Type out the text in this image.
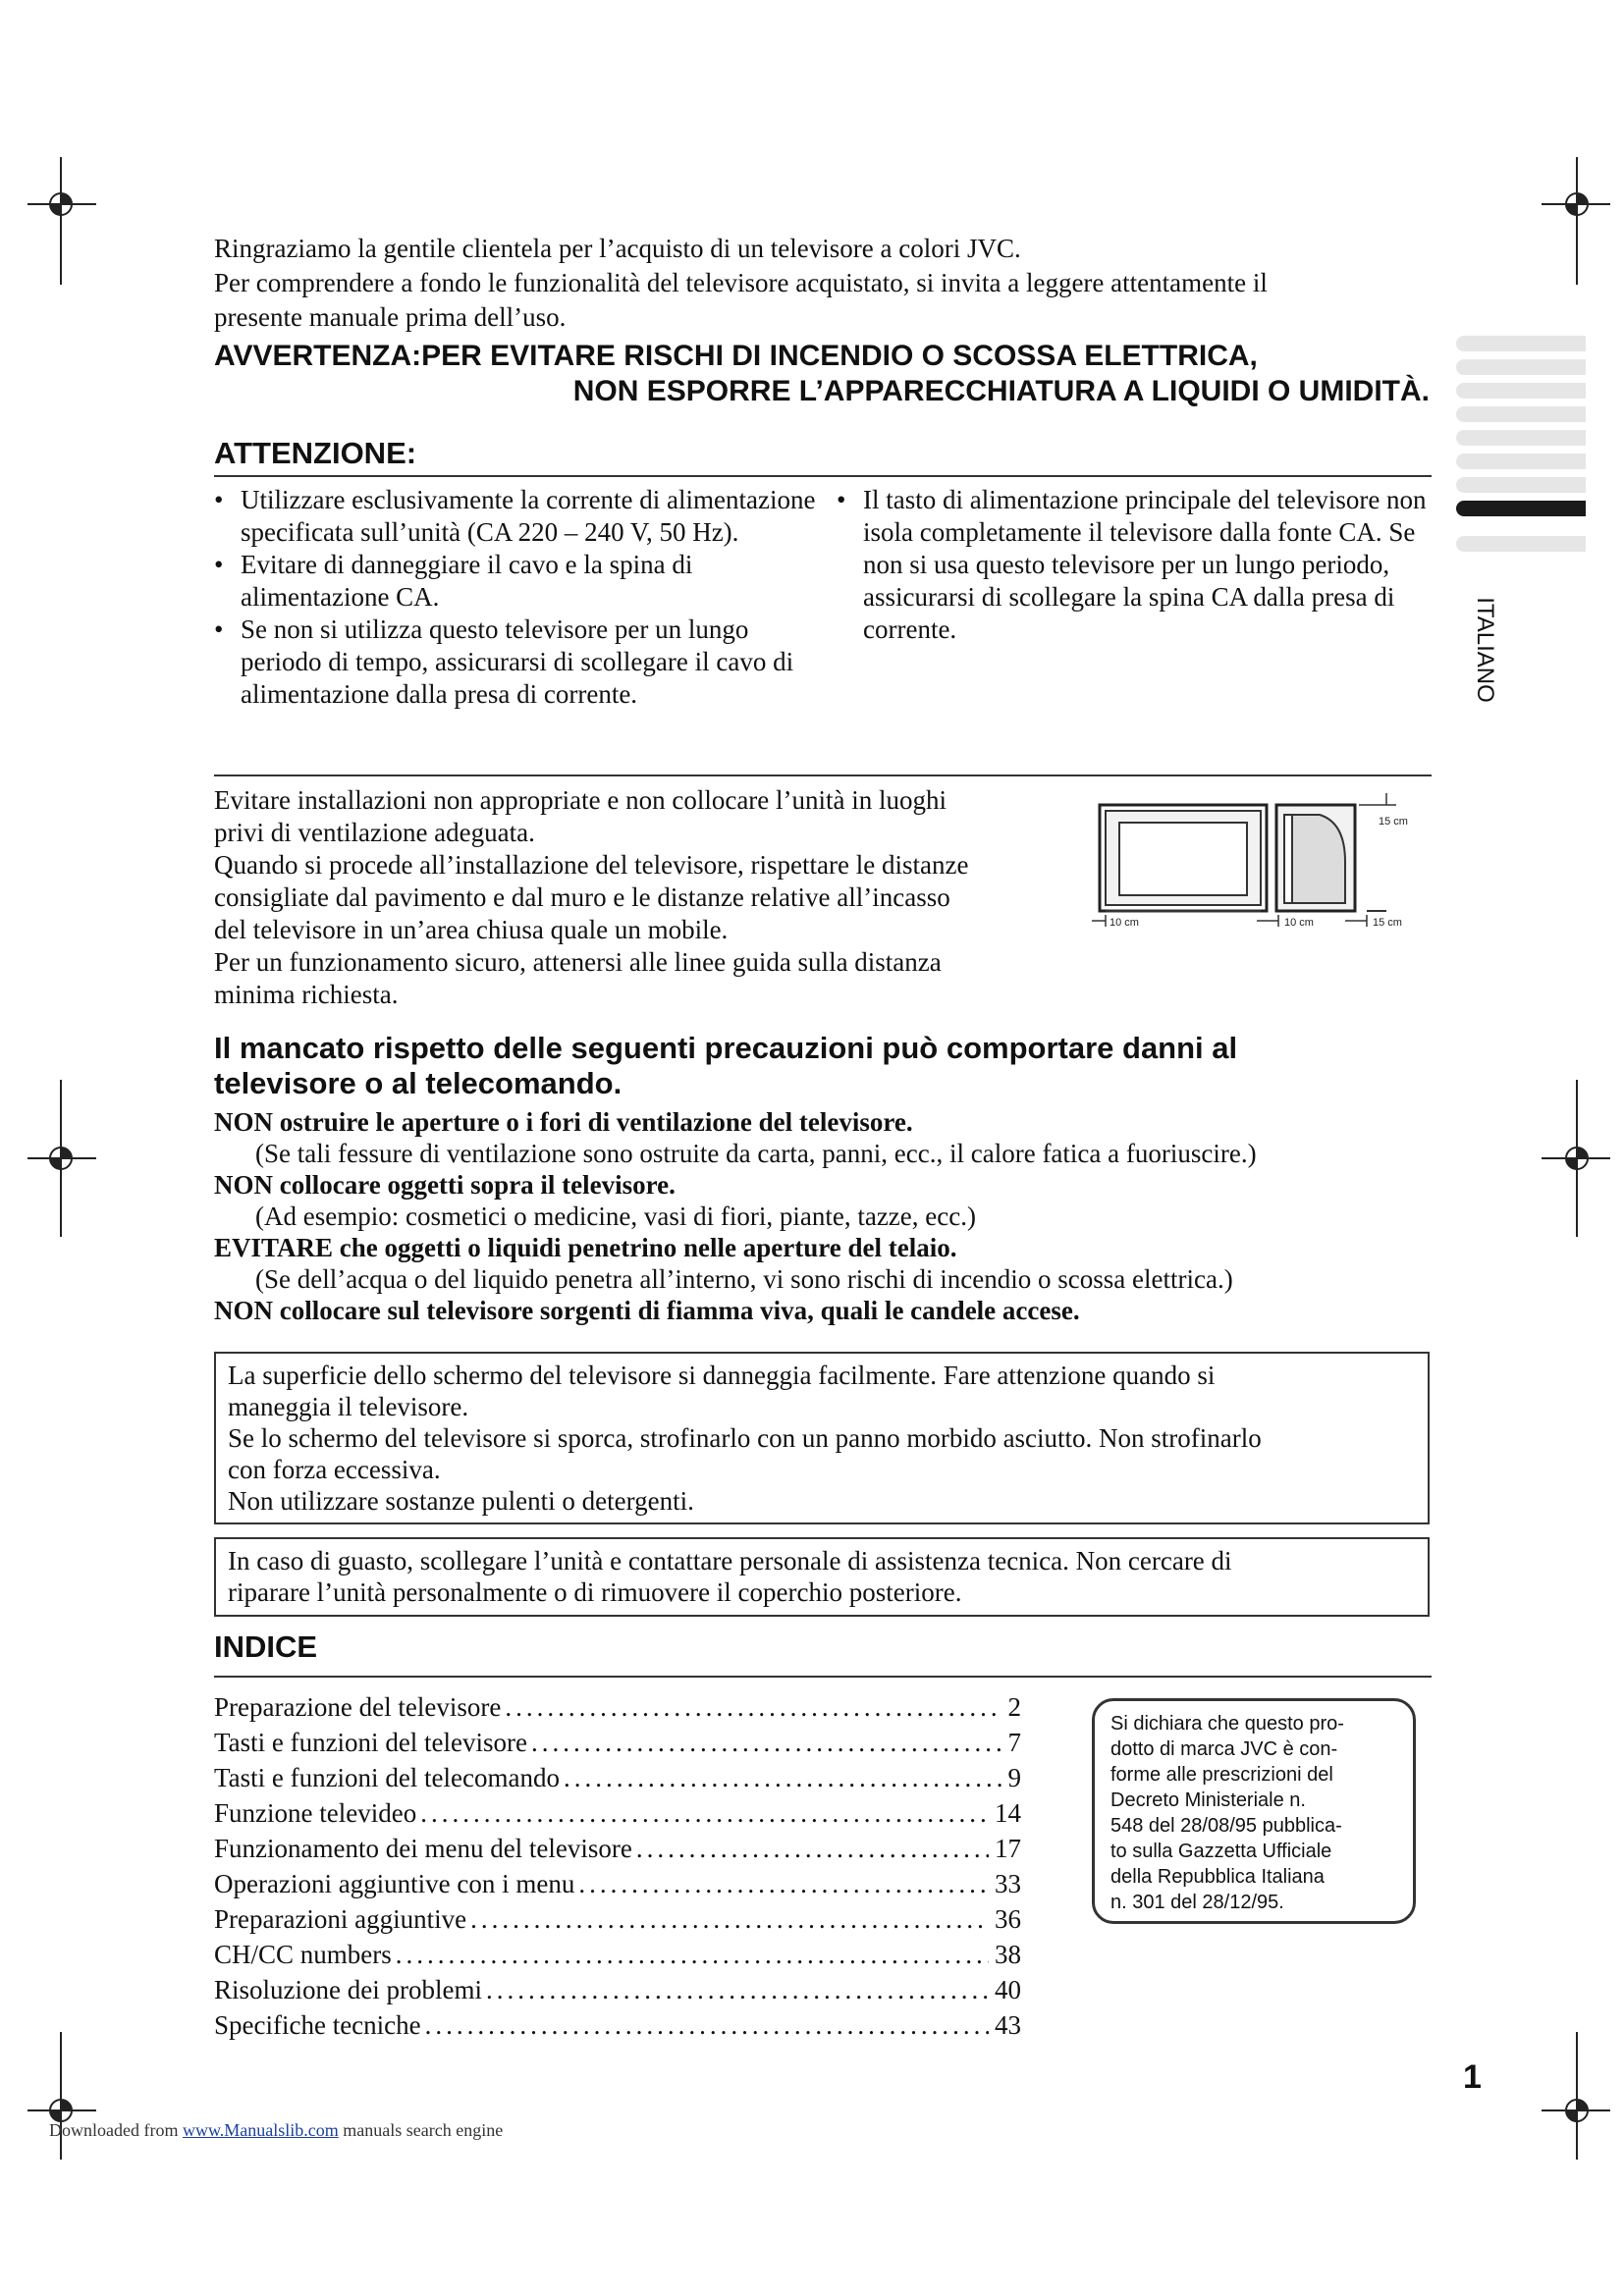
Ringraziamo la gentile clientela per l’acquisto di un televisore a colori JVC.
Per comprendere a fondo le funzionalità del televisore acquistato, si invita a leggere attentamente il
presente manuale prima dell’uso.
AVVERTENZA:PER EVITARE RISCHI DI INCENDIO O SCOSSA ELETTRICA,
NON ESPORRE L’APPARECCHIATURA A LIQUIDI O UMIDITÀ.
ATTENZIONE:
• Utilizzare esclusivamente la corrente di alimentazione specificata sull’unità (CA 220 – 240 V, 50 Hz).
• Evitare di danneggiare il cavo e la spina di alimentazione CA.
• Se non si utilizza questo televisore per un lungo periodo di tempo, assicurarsi di scollegare il cavo di alimentazione dalla presa di corrente.
• Il tasto di alimentazione principale del televisore non isola completamente il televisore dalla fonte CA. Se non si usa questo televisore per un lungo periodo, assicurarsi di scollegare la spina CA dalla presa di corrente.
Evitare installazioni non appropriate e non collocare l’unità in luoghi
privi di ventilazione adeguata.
Quando si procede all’installazione del televisore, rispettare le distanze
consigliate dal pavimento e dal muro e le distanze relative all’incasso
del televisore in un’area chiusa quale un mobile.
Per un funzionamento sicuro, attenersi alle linee guida sulla distanza
minima richiesta.
15 cm
10 cm	10 cm	15 cm
Il mancato rispetto delle seguenti precauzioni può comportare danni al
televisore o al telecomando.
NON ostruire le aperture o i fori di ventilazione del televisore.
(Se tali fessure di ventilazione sono ostruite da carta, panni, ecc., il calore fatica a fuoriuscire.)
NON collocare oggetti sopra il televisore.
(Ad esempio: cosmetici o medicine, vasi di fiori, piante, tazze, ecc.)
EVITARE che oggetti o liquidi penetrino nelle aperture del telaio.
(Se dell’acqua o del liquido penetra all’interno, vi sono rischi di incendio o scossa elettrica.)
NON collocare sul televisore sorgenti di fiamma viva, quali le candele accese.
La superficie dello schermo del televisore si danneggia facilmente. Fare attenzione quando si
maneggia il televisore.
Se lo schermo del televisore si sporca, strofinarlo con un panno morbido asciutto. Non strofinarlo
con forza eccessiva.
Non utilizzare sostanze pulenti o detergenti.
In caso di guasto, scollegare l’unità e contattare personale di assistenza tecnica. Non cercare di
riparare l’unità personalmente o di rimuovere il coperchio posteriore.
INDICE
Preparazione del televisore .....	2
Tasti e funzioni del televisore .....	7
Tasti e funzioni del telecomando .....	9
Funzione televideo .....	14
Funzionamento dei menu del televisore .....	17
Operazioni aggiuntive con i menu .....	33
Preparazioni aggiuntive .....	36
CH/CC numbers .....	38
Risoluzione dei problemi .....	40
Specifiche tecniche .....	43
Si dichiara che questo pro-
dotto di marca JVC è con-
forme alle prescrizioni del
Decreto Ministeriale n.
548 del 28/08/95 pubblica-
to sulla Gazzetta Ufficiale
della Repubblica Italiana
n. 301 del 28/12/95.
ITALIANO
1
Downloaded from www.Manualslib.com manuals search engine
